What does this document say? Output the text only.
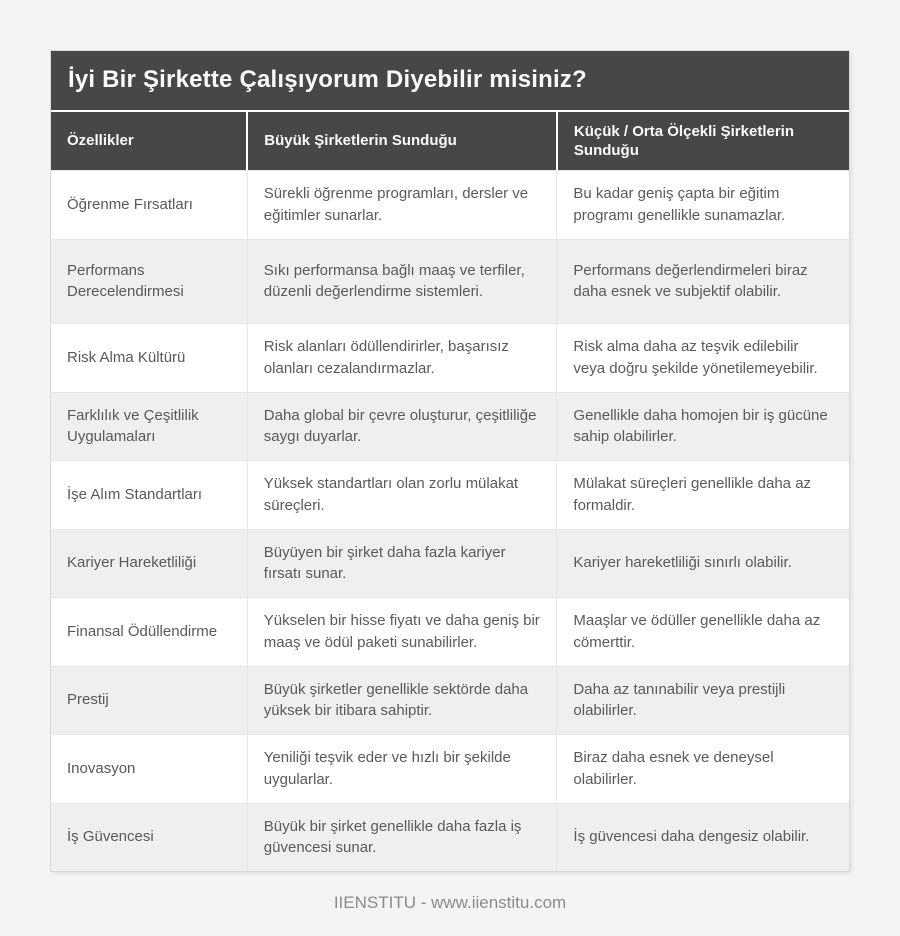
İyi Bir Şirkette Çalışıyorum Diyebilir misiniz?
Özellikler	Büyük Şirketlerin Sunduğu	Küçük / Orta Ölçekli Şirketlerin Sunduğu
Öğrenme Fırsatları	Sürekli öğrenme programları, dersler ve eğitimler sunarlar.	Bu kadar geniş çapta bir eğitim programı genellikle sunamazlar.
Performans Derecelendirmesi	Sıkı performansa bağlı maaş ve terfiler, düzenli değerlendirme sistemleri.	Performans değerlendirmeleri biraz daha esnek ve subjektif olabilir.
Risk Alma Kültürü	Risk alanları ödüllendirirler, başarısız olanları cezalandırmazlar.	Risk alma daha az teşvik edilebilir veya doğru şekilde yönetilemeyebilir.
Farklılık ve Çeşitlilik Uygulamaları	Daha global bir çevre oluşturur, çeşitliliğe saygı duyarlar.	Genellikle daha homojen bir iş gücüne sahip olabilirler.
İşe Alım Standartları	Yüksek standartları olan zorlu mülakat süreçleri.	Mülakat süreçleri genellikle daha az formaldir.
Kariyer Hareketliliği	Büyüyen bir şirket daha fazla kariyer fırsatı sunar.	Kariyer hareketliliği sınırlı olabilir.
Finansal Ödüllendirme	Yükselen bir hisse fiyatı ve daha geniş bir maaş ve ödül paketi sunabilirler.	Maaşlar ve ödüller genellikle daha az cömerttir.
Prestij	Büyük şirketler genellikle sektörde daha yüksek bir itibara sahiptir.	Daha az tanınabilir veya prestijli olabilirler.
Inovasyon	Yeniliği teşvik eder ve hızlı bir şekilde uygularlar.	Biraz daha esnek ve deneysel olabilirler.
İş Güvencesi	Büyük bir şirket genellikle daha fazla iş güvencesi sunar.	İş güvencesi daha dengesiz olabilir.
IIENSTITU - www.iienstitu.com
